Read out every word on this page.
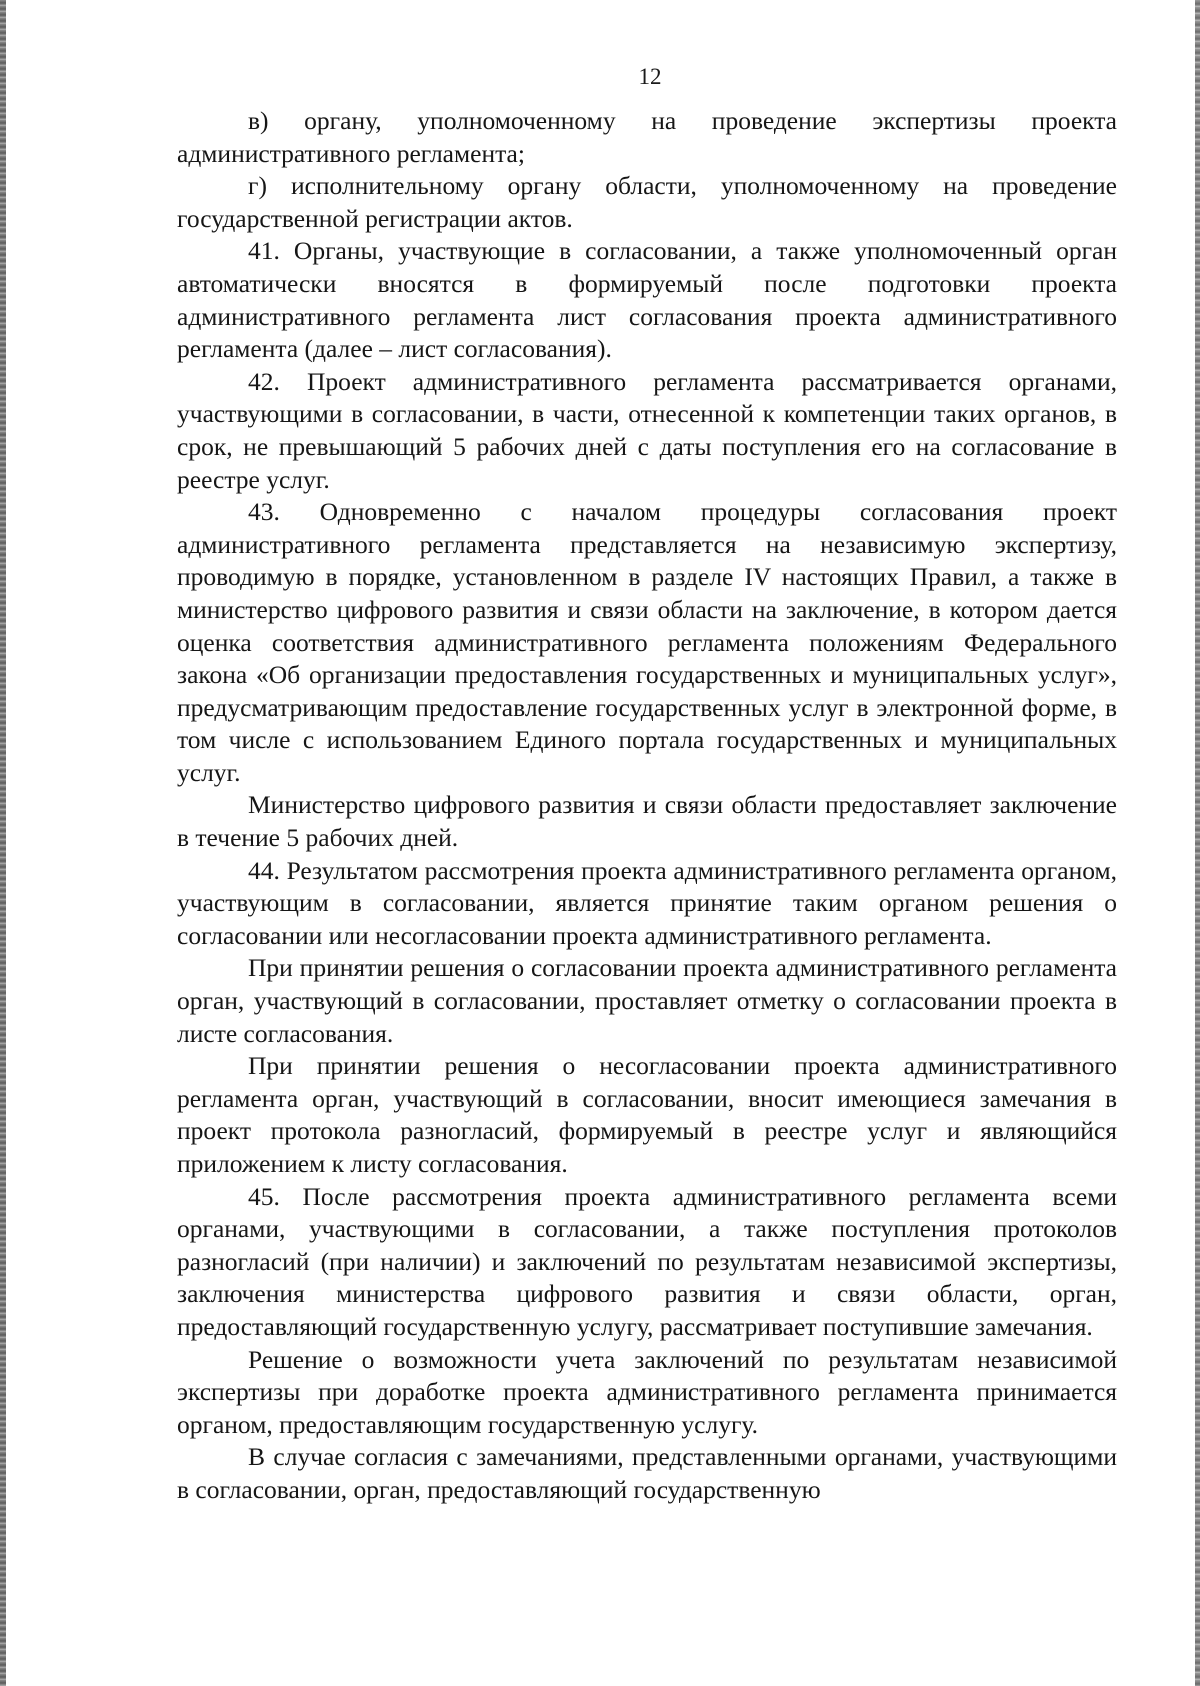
12

в) органу, уполномоченному на проведение экспертизы проекта административного регламента;

г) исполнительному органу области, уполномоченному на проведение государственной регистрации актов.

41. Органы, участвующие в согласовании, а также уполномоченный орган автоматически вносятся в формируемый после подготовки проекта административного регламента лист согласования проекта административного регламента (далее – лист согласования).

42. Проект административного регламента рассматривается органами, участвующими в согласовании, в части, отнесенной к компетенции таких органов, в срок, не превышающий 5 рабочих дней с даты поступления его на согласование в реестре услуг.

43. Одновременно с началом процедуры согласования проект административного регламента представляется на независимую экспертизу, проводимую в порядке, установленном в разделе IV настоящих Правил, а также в министерство цифрового развития и связи области на заключение, в котором дается оценка соответствия административного регламента положениям Федерального закона «Об организации предоставления государственных и муниципальных услуг», предусматривающим предоставление государственных услуг в электронной форме, в том числе с использованием Единого портала государственных и муниципальных услуг.

Министерство цифрового развития и связи области предоставляет заключение в течение 5 рабочих дней.

44. Результатом рассмотрения проекта административного регламента органом, участвующим в согласовании, является принятие таким органом решения о согласовании или несогласовании проекта административного регламента.

При принятии решения о согласовании проекта административного регламента орган, участвующий в согласовании, проставляет отметку о согласовании проекта в листе согласования.

При принятии решения о несогласовании проекта административного регламента орган, участвующий в согласовании, вносит имеющиеся замечания в проект протокола разногласий, формируемый в реестре услуг и являющийся приложением к листу согласования.

45. После рассмотрения проекта административного регламента всеми органами, участвующими в согласовании, а также поступления протоколов разногласий (при наличии) и заключений по результатам независимой экспертизы, заключения министерства цифрового развития и связи области, орган, предоставляющий государственную услугу, рассматривает поступившие замечания.

Решение о возможности учета заключений по результатам независимой экспертизы при доработке проекта административного регламента принимается органом, предоставляющим государственную услугу.

В случае согласия с замечаниями, представленными органами, участвующими в согласовании, орган, предоставляющий государственную
